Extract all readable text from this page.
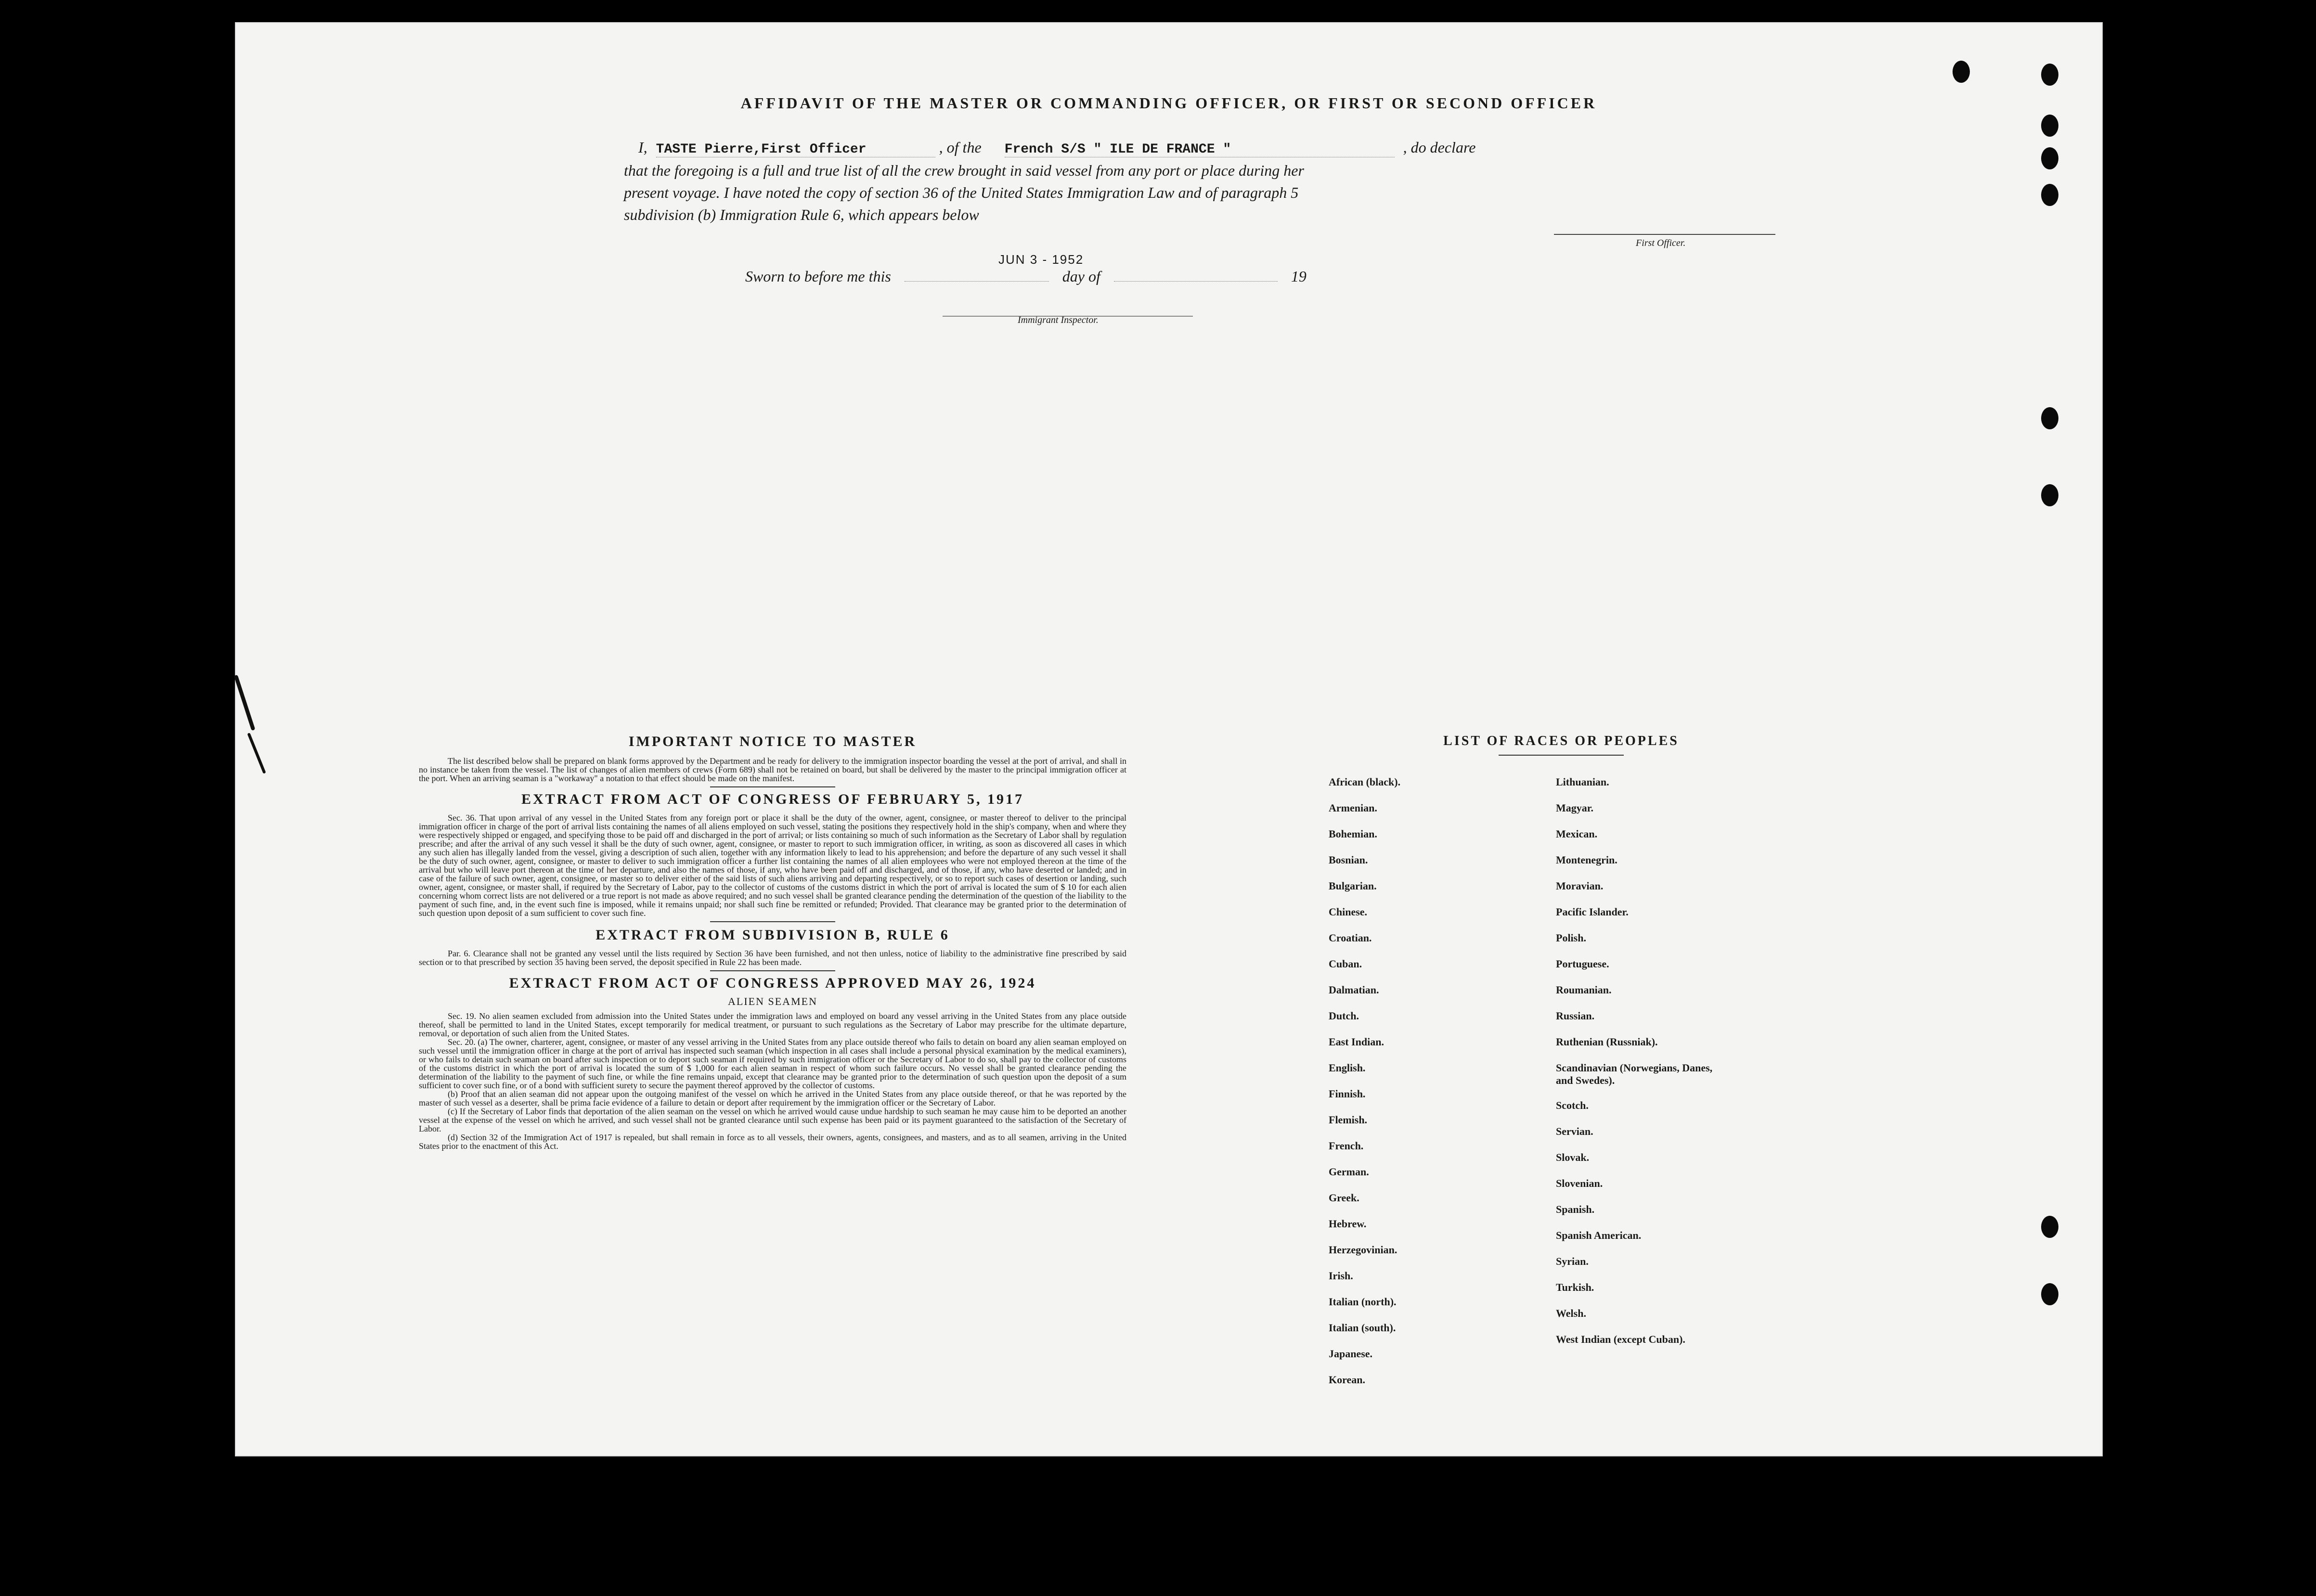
AFFIDAVIT OF THE MASTER OR COMMANDING OFFICER, OR FIRST OR SECOND OFFICER
I, TASTE Pierre,First Officer	, of the French S/S " ILE DE FRANCE "	, do declare
that the foregoing is a full and true list of all the crew brought in said vessel from any port or place during her
present voyage. I have noted the copy of section 36 of the United States Immigration Law and of paragraph 5
subdivision (b) Immigration Rule 6, which appears below
First Officer.
Sworn to before me this	day of	19
JUN 3 - 1952
Immigrant Inspector.

IMPORTANT NOTICE TO MASTER

The list described below shall be prepared on blank forms approved by the Department and be ready for delivery to the immigration inspector boarding the vessel at the port of arrival, and shall in no instance be taken from the vessel. The list of changes of alien members of crews (Form 689) shall not be retained on board, but shall be delivered by the master to the principal immigration officer at the port. When an arriving seaman is a "workaway" a notation to that effect should be made on the manifest.

EXTRACT FROM ACT OF CONGRESS OF FEBRUARY 5, 1917

Sec. 36. That upon arrival of any vessel in the United States from any foreign port or place it shall be the duty of the owner, agent, consignee, or master thereof to deliver to the principal immigration officer in charge of the port of arrival lists containing the names of all aliens employed on such vessel, stating the positions they respectively hold in the ship's company, when and where they were respectively shipped or engaged, and specifying those to be paid off and discharged in the port of arrival; or lists containing so much of such information as the Secretary of Labor shall by regulation prescribe; and after the arrival of any such vessel it shall be the duty of such owner, agent, consignee, or master to report to such immigration officer, in writing, as soon as discovered all cases in which any such alien has illegally landed from the vessel, giving a description of such alien, together with any information likely to lead to his apprehension; and before the departure of any such vessel it shall be the duty of such owner, agent, consignee, or master to deliver to such immigration officer a further list containing the names of all alien employees who were not employed thereon at the time of the arrival but who will leave port thereon at the time of her departure, and also the names of those, if any, who have been paid off and discharged, and of those, if any, who have deserted or landed; and in case of the failure of such owner, agent, consignee, or master so to deliver either of the said lists of such aliens arriving and departing respectively, or so to report such cases of desertion or landing, such owner, agent, consignee, or master shall, if required by the Secretary of Labor, pay to the collector of customs of the customs district in which the port of arrival is located the sum of $ 10 for each alien concerning whom correct lists are not delivered or a true report is not made as above required; and no such vessel shall be granted clearance pending the determination of the question of the liability to the payment of such fine, and, in the event such fine is imposed, while it remains unpaid; nor shall such fine be remitted or refunded; Provided. That clearance may be granted prior to the determination of such question upon deposit of a sum sufficient to cover such fine.

EXTRACT FROM SUBDIVISION B, RULE 6

Par. 6. Clearance shall not be granted any vessel until the lists required by Section 36 have been furnished, and not then unless, notice of liability to the administrative fine prescribed by said section or to that prescribed by section 35 having been served, the deposit specified in Rule 22 has been made.

EXTRACT FROM ACT OF CONGRESS APPROVED MAY 26, 1924

ALIEN SEAMEN

Sec. 19. No alien seamen excluded from admission into the United States under the immigration laws and employed on board any vessel arriving in the United States from any place outside thereof, shall be permitted to land in the United States, except temporarily for medical treatment, or pursuant to such regulations as the Secretary of Labor may prescribe for the ultimate departure, removal, or deportation of such alien from the United States.

Sec. 20. (a) The owner, charterer, agent, consignee, or master of any vessel arriving in the United States from any place outside thereof who fails to detain on board any alien seaman employed on such vessel until the immigration officer in charge at the port of arrival has inspected such seaman (which inspection in all cases shall include a personal physical examination by the medical examiners), or who fails to detain such seaman on board after such inspection or to deport such seaman if required by such immigration officer or the Secretary of Labor to do so, shall pay to the collector of customs of the customs district in which the port of arrival is located the sum of $ 1,000 for each alien seaman in respect of whom such failure occurs. No vessel shall be granted clearance pending the determination of the liability to the payment of such fine, or while the fine remains unpaid, except that clearance may be granted prior to the determination of such question upon the deposit of a sum sufficient to cover such fine, or of a bond with sufficient surety to secure the payment thereof approved by the collector of customs.

(b) Proof that an alien seaman did not appear upon the outgoing manifest of the vessel on which he arrived in the United States from any place outside thereof, or that he was reported by the master of such vessel as a deserter, shall be prima facie evidence of a failure to detain or deport after requirement by the immigration officer or the Secretary of Labor.

(c) If the Secretary of Labor finds that deportation of the alien seaman on the vessel on which he arrived would cause undue hardship to such seaman he may cause him to be deported an another vessel at the expense of the vessel on which he arrived, and such vessel shall not be granted clearance until such expense has been paid or its payment guaranteed to the satisfaction of the Secretary of Labor.

(d) Section 32 of the Immigration Act of 1917 is repealed, but shall remain in force as to all vessels, their owners, agents, consignees, and masters, and as to all seamen, arriving in the United States prior to the enactment of this Act.

LIST OF RACES OR PEOPLES
African (black).
Armenian.
Bohemian.
Bosnian.
Bulgarian.
Chinese.
Croatian.
Cuban.
Dalmatian.
Dutch.
East Indian.
English.
Finnish.
Flemish.
French.
German.
Greek.
Hebrew.
Herzegovinian.
Irish.
Italian (north).
Italian (south).
Japanese.
Korean.
Lithuanian.
Magyar.
Mexican.
Montenegrin.
Moravian.
Pacific Islander.
Polish.
Portuguese.
Roumanian.
Russian.
Ruthenian (Russniak).
Scandinavian (Norwegians, Danes, and Swedes).
Scotch.
Servian.
Slovak.
Slovenian.
Spanish.
Spanish American.
Syrian.
Turkish.
Welsh.
West Indian (except Cuban).
